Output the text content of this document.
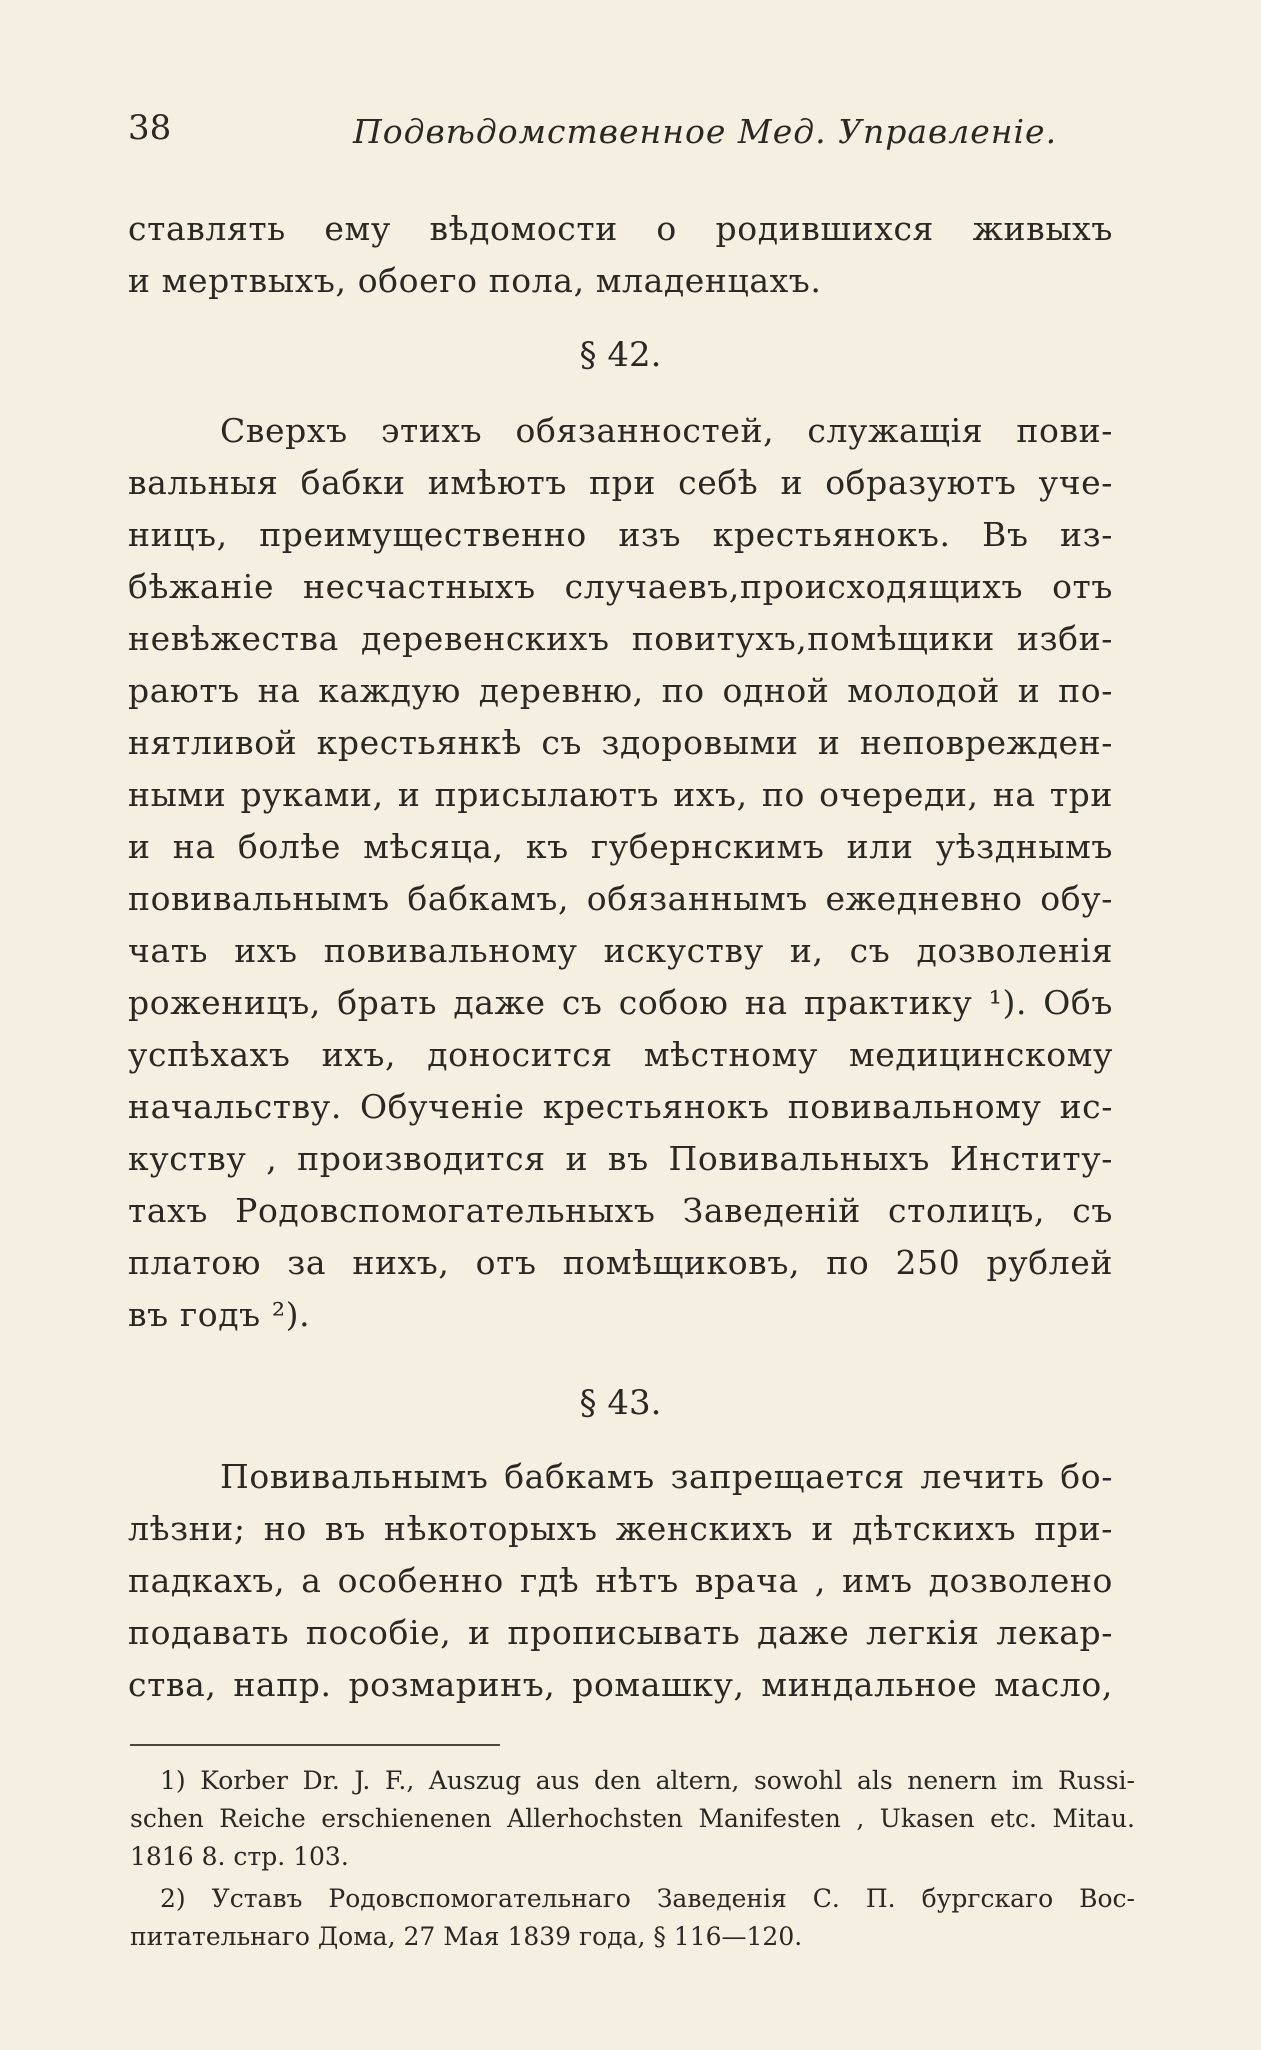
38	Подвѣдомственное Мед. Управленіе.
ставлять ему вѣдомости о родившихся живыхъ
и мертвыхъ, обоего пола, младенцахъ.
§ 42.
Сверхъ этихъ обязанностей, служащія пови-
вальныя бабки имѣютъ при себѣ и образуютъ уче-
ницъ, преимущественно изъ крестьянокъ. Въ из-
бѣжаніе несчастныхъ случаевъ,происходящихъ отъ
невѣжества деревенскихъ повитухъ,помѣщики изби-
раютъ на каждую деревню, по одной молодой и по-
нятливой крестьянкѣ съ здоровыми и неповрежден-
ными руками, и присылаютъ ихъ, по очереди, на три
и на болѣе мѣсяца, къ губернскимъ или уѣзднымъ
повивальнымъ бабкамъ, обязаннымъ ежедневно обу-
чать ихъ повивальному искуству и, съ дозволенія
роженицъ, брать даже съ собою на практику ¹). Объ
успѣхахъ ихъ, доносится мѣстному медицинскому
начальству. Обученіе крестьянокъ повивальному ис-
куству , производится и въ Повивальныхъ Институ-
тахъ Родовспомогательныхъ Заведеній столицъ, съ
платою за нихъ, отъ помѣщиковъ, по 250 рублей
въ годъ ²).
§ 43.
Повивальнымъ бабкамъ запрещается лечить бо-
лѣзни; но въ нѣкоторыхъ женскихъ и дѣтскихъ при-
падкахъ, а особенно гдѣ нѣтъ врача , имъ дозволено
подавать пособіе, и прописывать даже легкія лекар-
ства, напр. розмаринъ, ромашку, миндальное масло,
1) Korber Dr. J. F., Auszug aus den altern, sowohl als nenern im Russi-
schen Reiche erschienenen Allerhochsten Manifesten , Ukasen etc. Mitau.
1816 8. стр. 103.
2) Уставъ Родовспомогательнаго Заведенія С. П. бургскаго Вос-
питательнаго Дома, 27 Мая 1839 года, § 116—120.
